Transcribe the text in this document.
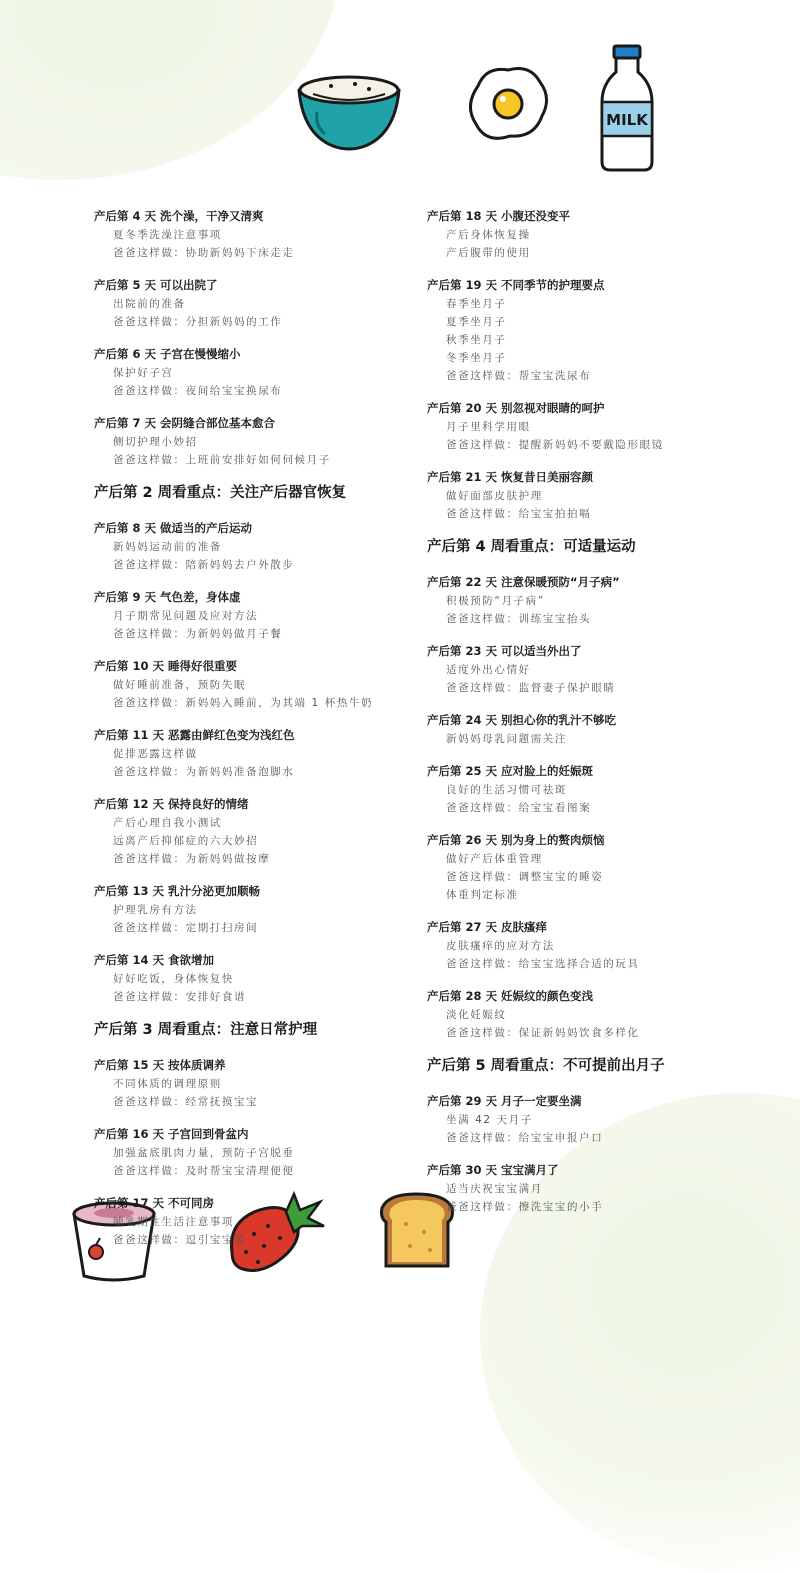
MILK
产后第 4 天 洗个澡，干净又清爽
夏冬季洗澡注意事项
爸爸这样做：协助新妈妈下床走走
产后第 5 天 可以出院了
出院前的准备
爸爸这样做：分担新妈妈的工作
产后第 6 天 子宫在慢慢缩小
保护好子宫
爸爸这样做：夜间给宝宝换尿布
产后第 7 天 会阴缝合部位基本愈合
侧切护理小妙招
爸爸这样做：上班前安排好如何伺候月子
产后第 2 周看重点：关注产后器官恢复
产后第 8 天 做适当的产后运动
新妈妈运动前的准备
爸爸这样做：陪新妈妈去户外散步
产后第 9 天 气色差，身体虚
月子期常见问题及应对方法
爸爸这样做：为新妈妈做月子餐
产后第 10 天 睡得好很重要
做好睡前准备，预防失眠
爸爸这样做：新妈妈入睡前，为其端 1 杯热牛奶
产后第 11 天 恶露由鲜红色变为浅红色
促排恶露这样做
爸爸这样做：为新妈妈准备泡脚水
产后第 12 天 保持良好的情绪
产后心理自我小测试
远离产后抑郁症的六大妙招
爸爸这样做：为新妈妈做按摩
产后第 13 天 乳汁分泌更加顺畅
护理乳房有方法
爸爸这样做：定期打扫房间
产后第 14 天 食欲增加
好好吃饭，身体恢复快
爸爸这样做：安排好食谱
产后第 3 周看重点：注意日常护理
产后第 15 天 按体质调养
不同体质的调理原则
爸爸这样做：经常抚摸宝宝
产后第 16 天 子宫回到骨盆内
加强盆底肌肉力量，预防子宫脱垂
爸爸这样做：及时帮宝宝清理便便
产后第 17 天 不可同房
哺乳期性生活注意事项
爸爸这样做：逗引宝宝笑
产后第 18 天 小腹还没变平
产后身体恢复操
产后腹带的使用
产后第 19 天 不同季节的护理要点
春季坐月子
夏季坐月子
秋季坐月子
冬季坐月子
爸爸这样做：帮宝宝洗尿布
产后第 20 天 别忽视对眼睛的呵护
月子里科学用眼
爸爸这样做：提醒新妈妈不要戴隐形眼镜
产后第 21 天 恢复昔日美丽容颜
做好面部皮肤护理
爸爸这样做：给宝宝拍拍嗝
产后第 4 周看重点：可适量运动
产后第 22 天 注意保暖预防“月子病”
积极预防“月子病”
爸爸这样做：训练宝宝抬头
产后第 23 天 可以适当外出了
适度外出心情好
爸爸这样做：监督妻子保护眼睛
产后第 24 天 别担心你的乳汁不够吃
新妈妈母乳问题需关注
产后第 25 天 应对脸上的妊娠斑
良好的生活习惯可祛斑
爸爸这样做：给宝宝看图案
产后第 26 天 别为身上的赘肉烦恼
做好产后体重管理
爸爸这样做：调整宝宝的睡姿
体重判定标准
产后第 27 天 皮肤瘙痒
皮肤瘙痒的应对方法
爸爸这样做：给宝宝选择合适的玩具
产后第 28 天 妊娠纹的颜色变浅
淡化妊娠纹
爸爸这样做：保证新妈妈饮食多样化
产后第 5 周看重点：不可提前出月子
产后第 29 天 月子一定要坐满
坐满 42 天月子
爸爸这样做：给宝宝申报户口
产后第 30 天 宝宝满月了
适当庆祝宝宝满月
爸爸这样做：擦洗宝宝的小手
